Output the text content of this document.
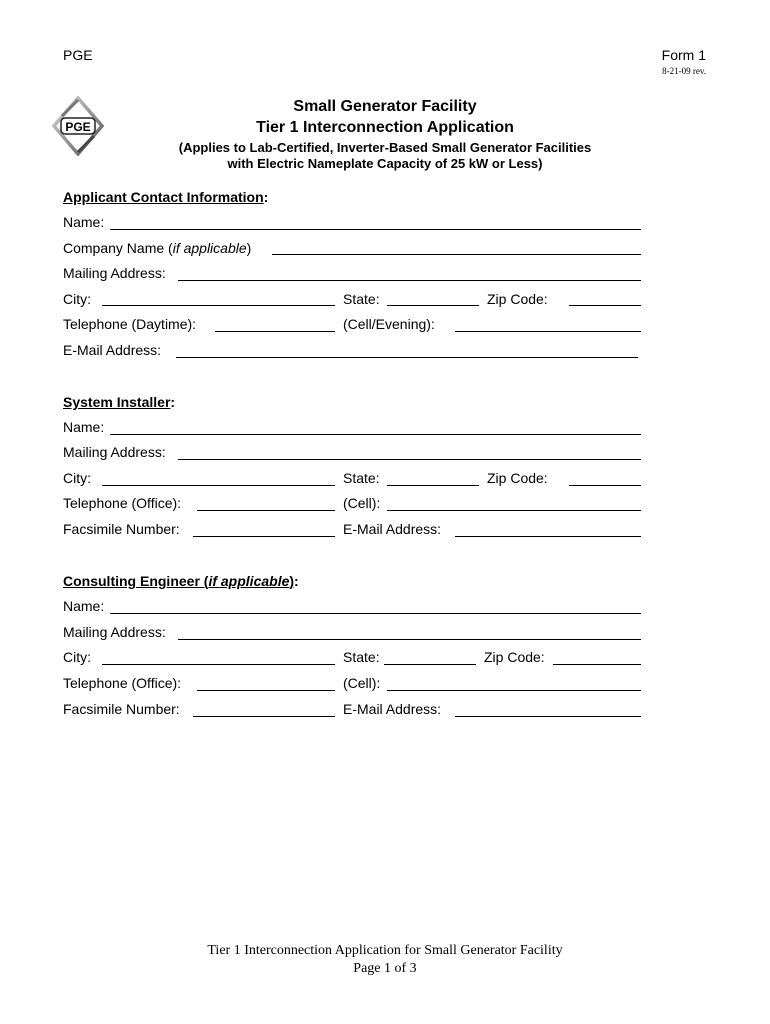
PGE	Form 1
8-21-09 rev.
PGE
Small Generator Facility
Tier 1 Interconnection Application
(Applies to Lab-Certified, Inverter-Based Small Generator Facilities
with Electric Nameplate Capacity of 25 kW or Less)
Applicant Contact Information:
Name:
Company Name (if applicable)
Mailing Address:
City:	State:	Zip Code:
Telephone (Daytime):	(Cell/Evening):
E-Mail Address:
System Installer:
Name:
Mailing Address:
City:	State:	Zip Code:
Telephone (Office):	(Cell):
Facsimile Number:	E-Mail Address:
Consulting Engineer (if applicable):
Name:
Mailing Address:
City:	State:	Zip Code:
Telephone (Office):	(Cell):
Facsimile Number:	E-Mail Address:
Tier 1 Interconnection Application for Small Generator Facility
Page 1 of 3
